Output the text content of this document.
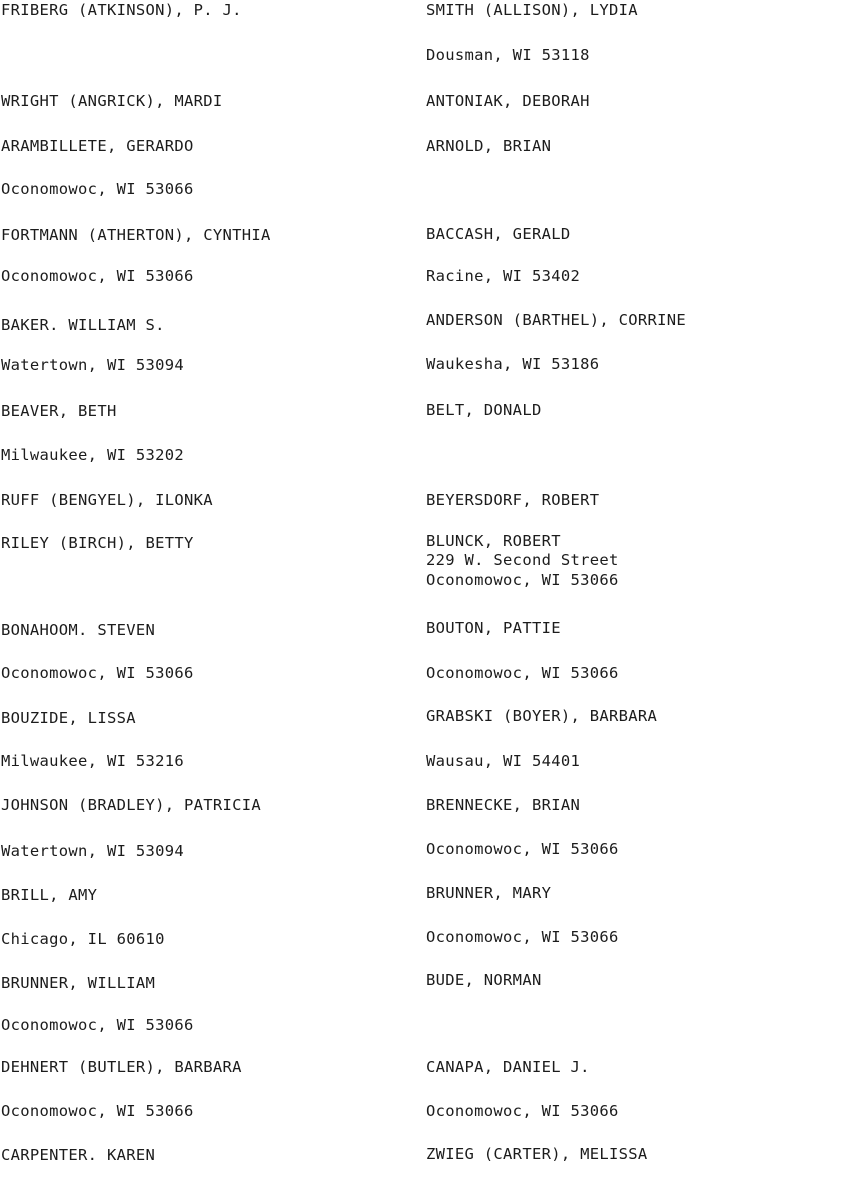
FRIBERG (ATKINSON), P. J.
WRIGHT (ANGRICK), MARDI
ARAMBILLETE, GERARDO
Oconomowoc, WI 53066
FORTMANN (ATHERTON), CYNTHIA
Oconomowoc, WI 53066
BAKER. WILLIAM S.
Watertown, WI 53094
BEAVER, BETH
Milwaukee, WI 53202
RUFF (BENGYEL), ILONKA
RILEY (BIRCH), BETTY
BONAHOOM. STEVEN
Oconomowoc, WI 53066
BOUZIDE, LISSA
Milwaukee, WI 53216
JOHNSON (BRADLEY), PATRICIA
Watertown, WI 53094
BRILL, AMY
Chicago, IL 60610
BRUNNER, WILLIAM
Oconomowoc, WI 53066
DEHNERT (BUTLER), BARBARA
Oconomowoc, WI 53066
CARPENTER. KAREN
SMITH (ALLISON), LYDIA
Dousman, WI 53118
ANTONIAK, DEBORAH
ARNOLD, BRIAN
BACCASH, GERALD
Racine, WI 53402
ANDERSON (BARTHEL), CORRINE
Waukesha, WI 53186
BELT, DONALD
BEYERSDORF, ROBERT
BLUNCK, ROBERT
229 W. Second Street
Oconomowoc, WI 53066
BOUTON, PATTIE
Oconomowoc, WI 53066
GRABSKI (BOYER), BARBARA
Wausau, WI 54401
BRENNECKE, BRIAN
Oconomowoc, WI 53066
BRUNNER, MARY
Oconomowoc, WI 53066
BUDE, NORMAN
CANAPA, DANIEL J.
Oconomowoc, WI 53066
ZWIEG (CARTER), MELISSA
